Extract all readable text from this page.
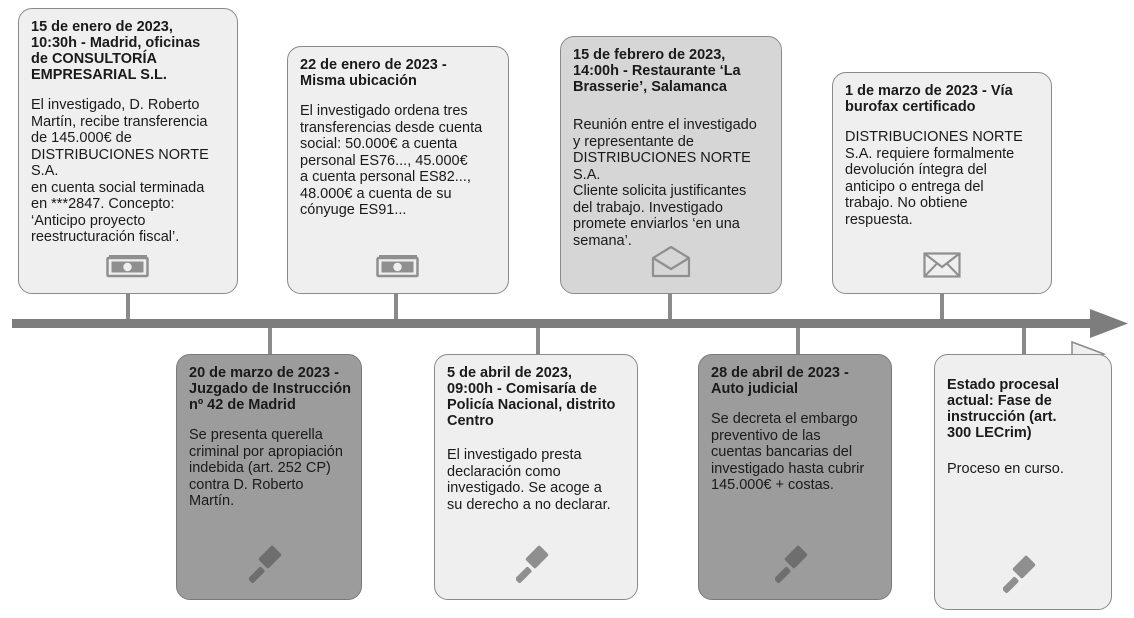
15 de enero de 2023,
10:30h - Madrid, oficinas
de CONSULTORÍA
EMPRESARIAL S.L.

El investigado, D. Roberto
Martín, recibe transferencia
de 145.000€ de
DISTRIBUCIONES NORTE S.A.
en cuenta social terminada
en ***2847. Concepto:
‘Anticipo proyecto
reestructuración fiscal’.

22 de enero de 2023 -
Misma ubicación

El investigado ordena tres
transferencias desde cuenta
social: 50.000€ a cuenta
personal ES76..., 45.000€
a cuenta personal ES82...,
48.000€ a cuenta de su
cónyuge ES91...

15 de febrero de 2023,
14:00h - Restaurante ‘La
Brasserie’, Salamanca

Reunión entre el investigado
y representante de
DISTRIBUCIONES NORTE S.A.
Cliente solicita justificantes
del trabajo. Investigado
promete enviarlos ‘en una
semana’.

1 de marzo de 2023 - Vía
burofax certificado

DISTRIBUCIONES NORTE
S.A. requiere formalmente
devolución íntegra del
anticipo o entrega del
trabajo. No obtiene
respuesta.

20 de marzo de 2023 -
Juzgado de Instrucción
nº 42 de Madrid

Se presenta querella
criminal por apropiación
indebida (art. 252 CP)
contra D. Roberto
Martín.

5 de abril de 2023,
09:00h - Comisaría de
Policía Nacional, distrito
Centro

El investigado presta
declaración como
investigado. Se acoge a
su derecho a no declarar.

28 de abril de 2023 -
Auto judicial

Se decreta el embargo
preventivo de las
cuentas bancarias del
investigado hasta cubrir
145.000€ + costas.

Estado procesal
actual: Fase de
instrucción (art.
300 LECrim)

Proceso en curso.
